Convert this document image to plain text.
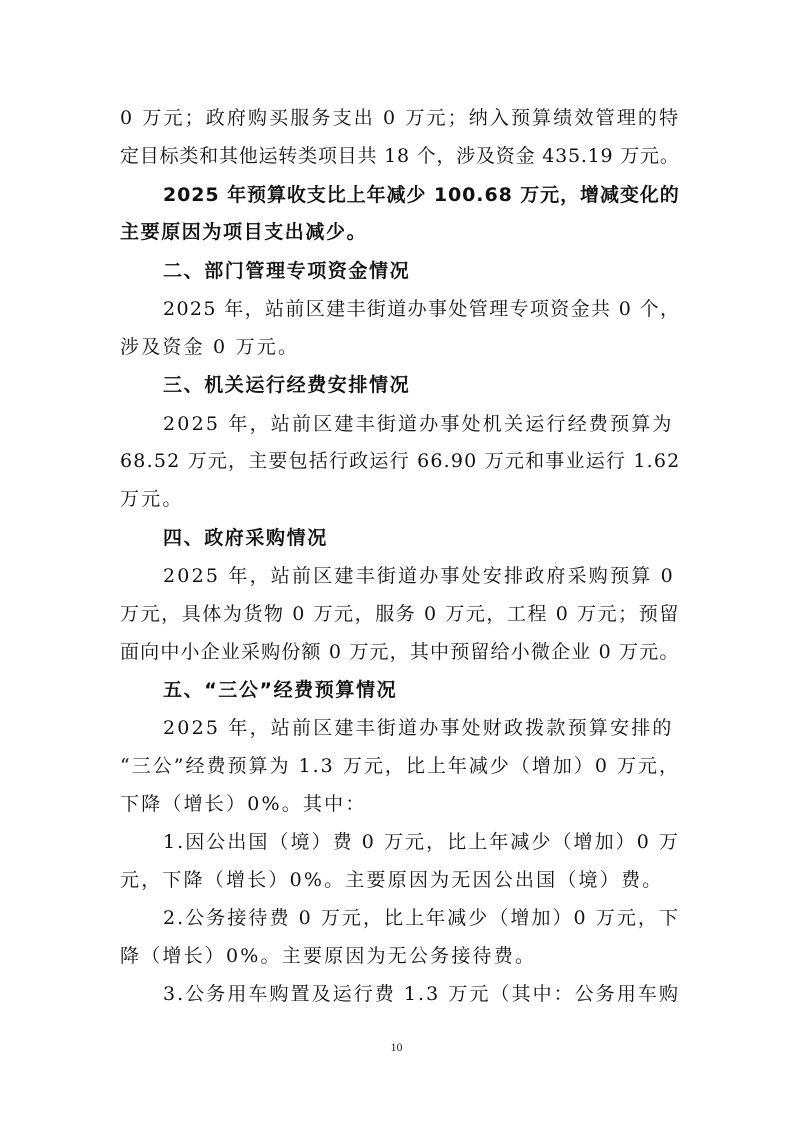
0 万元；政府购买服务支出 0 万元；纳入预算绩效管理的特
定目标类和其他运转类项目共 18 个，涉及资金 435.19 万元。
2025 年预算收支比上年减少 100.68 万元，增减变化的
主要原因为项目支出减少。
二、部门管理专项资金情况
2025 年，站前区建丰街道办事处管理专项资金共 0 个，
涉及资金 0 万元。
三、机关运行经费安排情况
2025 年，站前区建丰街道办事处机关运行经费预算为
68.52 万元，主要包括行政运行 66.90 万元和事业运行 1.62
万元。
四、政府采购情况
2025 年，站前区建丰街道办事处安排政府采购预算 0
万元，具体为货物 0 万元，服务 0 万元，工程 0 万元；预留
面向中小企业采购份额 0 万元，其中预留给小微企业 0 万元。
五、“三公”经费预算情况
2025 年，站前区建丰街道办事处财政拨款预算安排的
“三公”经费预算为 1.3 万元，比上年减少（增加）0 万元，
下降（增长）0%。其中：
1.因公出国（境）费 0 万元，比上年减少（增加）0 万
元，下降（增长）0%。主要原因为无因公出国（境）费。
2.公务接待费 0 万元，比上年减少（增加）0 万元，下
降（增长）0%。主要原因为无公务接待费。
3.公务用车购置及运行费 1.3 万元（其中：公务用车购
10
